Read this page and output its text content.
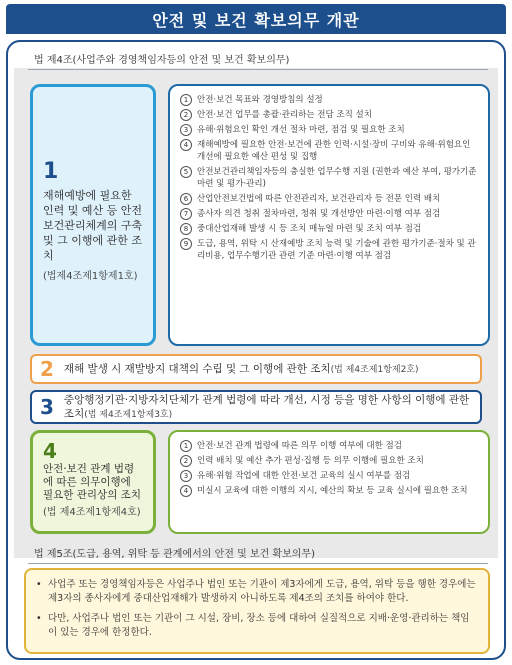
안전 및 보건 확보의무 개관
법 제4조(사업주와 경영책임자등의 안전 및 보건 확보의무)
1
재해예방에 필요한 인력 및 예산 등 안전보건관리체계의 구축 및 그 이행에 관한 조치
(법제4조제1항제1호)
1	안전·보건 목표와 경영방침의 설정
2	안전·보건 업무를 총괄·관리하는 전담 조직 설치
3	유해·위험요인 확인 개선 절차 마련, 점검 및 필요한 조치
4	재해예방에 필요한 안전·보건에 관한 인력·시설·장비 구비와 유해·위험요인 개선에 필요한 예산 편성 및 집행
5	안전보건관리책임자등의 충실한 업무수행 지원 (권한과 예산 부여, 평가기준 마련 및 평가·관리)
6	산업안전보건법에 따른 안전관리자, 보건관리자 등 전문 인력 배치
7	종사자 의견 청취 절차마련, 청취 및 개선방안 마련·이행 여부 점검
8	중대산업재해 발생 시 등 조치 매뉴얼 마련 및 조치 여부 점검
9	도급, 용역, 위탁 시 산재예방 조치 능력 및 기술에 관한 평가기준·절차 및 관리비용, 업무수행기관 관련 기준 마련·이행 여부 점검
2 재해 발생 시 재발방지 대책의 수립 및 그 이행에 관한 조치(법 제4조제1항제2호)
3 중앙행정기관·지방자치단체가 관계 법령에 따라 개선, 시정 등을 명한 사항의 이행에 관한 조치(법 제4조제1항제3호)
4
안전·보건 관계 법령에 따른 의무이행에 필요한 관리상의 조치
(법 제4조제1항제4호)
1	안전·보건 관계 법령에 따른 의무 이행 여부에 대한 점검
2	인력 배치 및 예산 추가 편성·집행 등 의무 이행에 필요한 조치
3	유해·위험 작업에 대한 안전·보건 교육의 실시 여부를 점검
4	미실시 교육에 대한 이행의 지시, 예산의 확보 등 교육 실시에 필요한 조치
법 제5조(도급, 용역, 위탁 등 관계에서의 안전 및 보건 확보의무)
• 사업주 또는 경영책임자등은 사업주나 법인 또는 기관이 제3자에게 도급, 용역, 위탁 등을 행한 경우에는 제3자의 종사자에게 중대산업재해가 발생하지 아니하도록 제4조의 조치를 하여야 한다.
• 다만, 사업주나 법인 또는 기관이 그 시설, 장비, 장소 등에 대하여 실질적으로 지배·운영·관리하는 책임이 있는 경우에 한정한다.
